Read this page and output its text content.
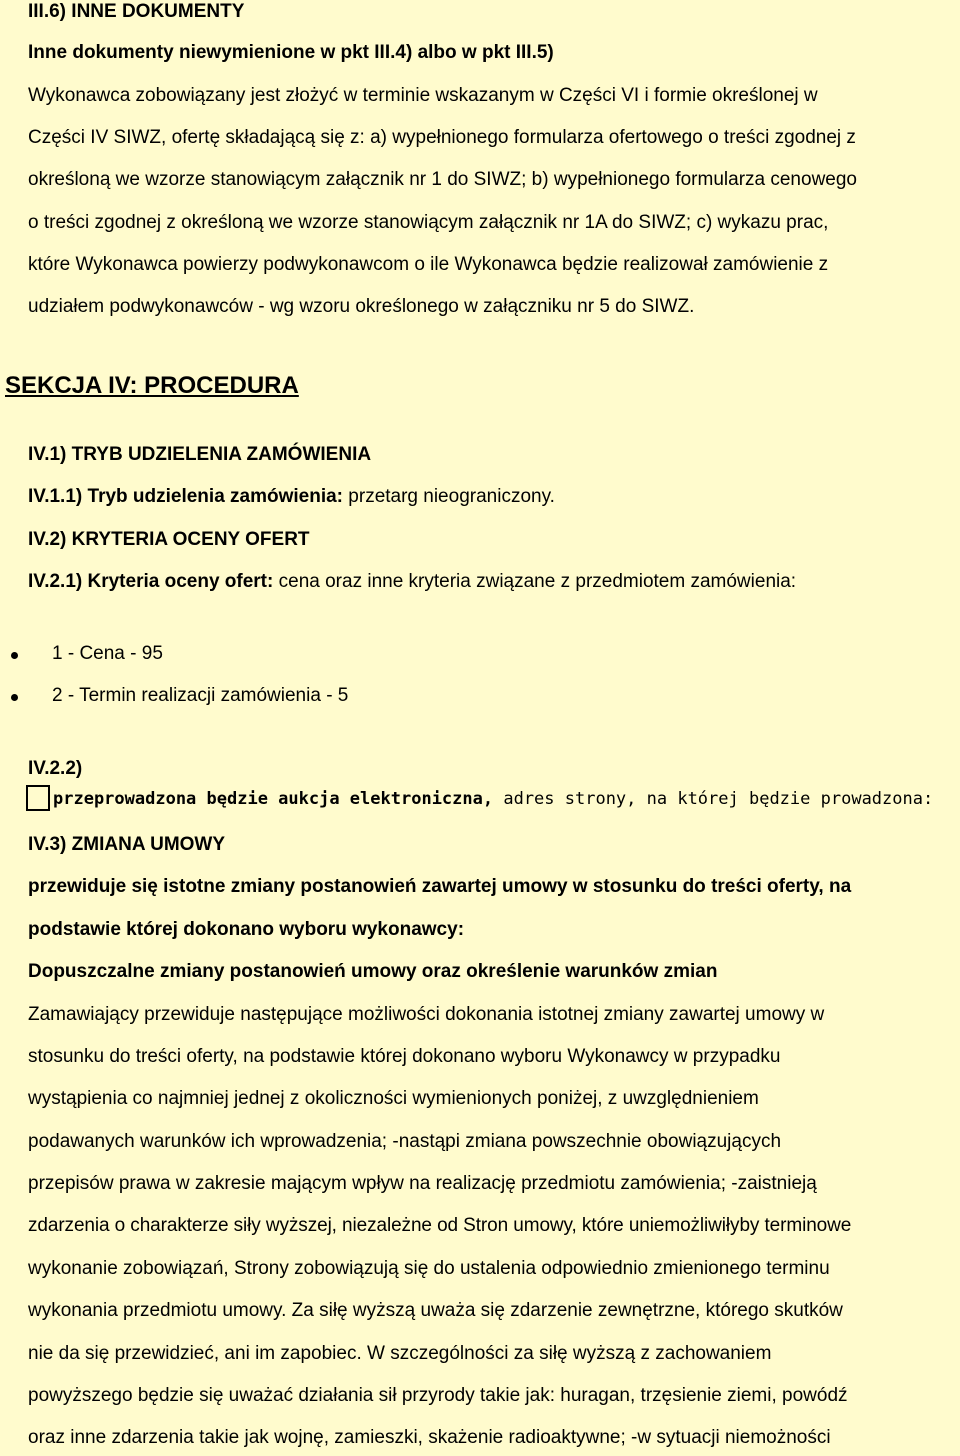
III.6) INNE DOKUMENTY
Inne dokumenty niewymienione w pkt III.4) albo w pkt III.5)
Wykonawca zobowiązany jest złożyć w terminie wskazanym w Części VI i formie określonej w
Części IV SIWZ, ofertę składającą się z: a) wypełnionego formularza ofertowego o treści zgodnej z
określoną we wzorze stanowiącym załącznik nr 1 do SIWZ; b) wypełnionego formularza cenowego
o treści zgodnej z określoną we wzorze stanowiącym załącznik nr 1A do SIWZ; c) wykazu prac,
które Wykonawca powierzy podwykonawcom o ile Wykonawca będzie realizował zamówienie z
udziałem podwykonawców - wg wzoru określonego w załączniku nr 5 do SIWZ.
SEKCJA IV: PROCEDURA
IV.1) TRYB UDZIELENIA ZAMÓWIENIA
IV.1.1) Tryb udzielenia zamówienia: przetarg nieograniczony.
IV.2) KRYTERIA OCENY OFERT
IV.2.1) Kryteria oceny ofert: cena oraz inne kryteria związane z przedmiotem zamówienia:
1 - Cena - 95
2 - Termin realizacji zamówienia - 5
IV.2.2)
przeprowadzona będzie aukcja elektroniczna, adres strony, na której będzie prowadzona:
IV.3) ZMIANA UMOWY
przewiduje się istotne zmiany postanowień zawartej umowy w stosunku do treści oferty, na
podstawie której dokonano wyboru wykonawcy:
Dopuszczalne zmiany postanowień umowy oraz określenie warunków zmian
Zamawiający przewiduje następujące możliwości dokonania istotnej zmiany zawartej umowy w
stosunku do treści oferty, na podstawie której dokonano wyboru Wykonawcy w przypadku
wystąpienia co najmniej jednej z okoliczności wymienionych poniżej, z uwzględnieniem
podawanych warunków ich wprowadzenia; -nastąpi zmiana powszechnie obowiązujących
przepisów prawa w zakresie mającym wpływ na realizację przedmiotu zamówienia; -zaistnieją
zdarzenia o charakterze siły wyższej, niezależne od Stron umowy, które uniemożliwiłyby terminowe
wykonanie zobowiązań, Strony zobowiązują się do ustalenia odpowiednio zmienionego terminu
wykonania przedmiotu umowy. Za siłę wyższą uważa się zdarzenie zewnętrzne, którego skutków
nie da się przewidzieć, ani im zapobiec. W szczególności za siłę wyższą z zachowaniem
powyższego będzie się uważać działania sił przyrody takie jak: huragan, trzęsienie ziemi, powódź
oraz inne zdarzenia takie jak wojnę, zamieszki, skażenie radioaktywne; -w sytuacji niemożności
